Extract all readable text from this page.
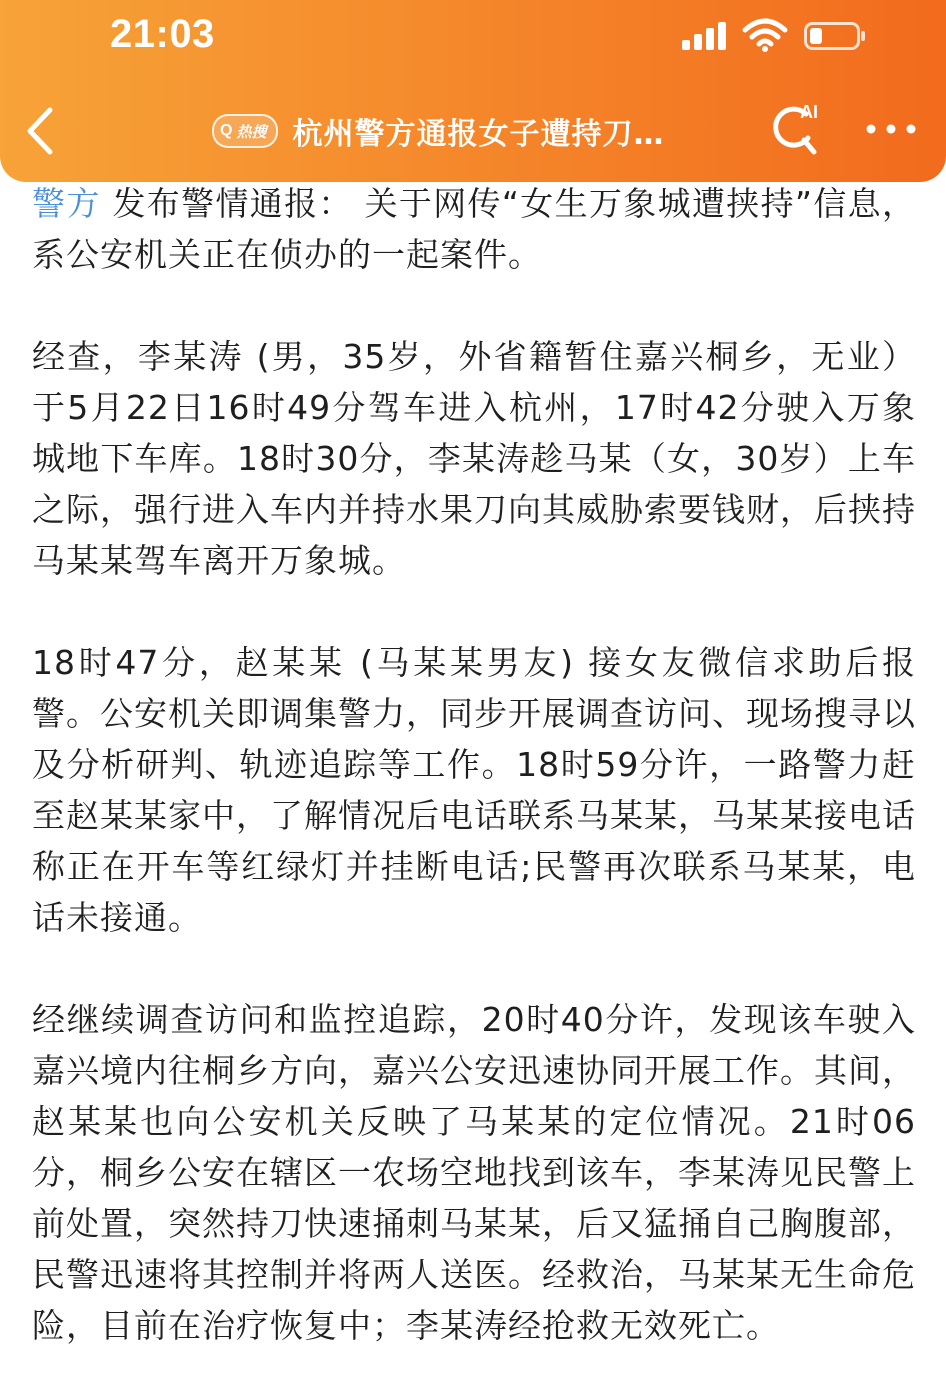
21:03
Q 热搜 杭州警方通报女子遭持刀…
AI

警方 发布警情通报： 关于网传“女生万象城遭挟持”信息，系公安机关正在侦办的一起案件。

经查，李某涛 (男，35岁，外省籍暂住嘉兴桐乡，无业）于5月22日16时49分驾车进入杭州，17时42分驶入万象城地下车库。18时30分，李某涛趁马某（女，30岁）上车之际，强行进入车内并持水果刀向其威胁索要钱财，后挟持马某某驾车离开万象城。

18时47分，赵某某 (马某某男友) 接女友微信求助后报警。公安机关即调集警力，同步开展调查访问、现场搜寻以及分析研判、轨迹追踪等工作。18时59分许，一路警力赶至赵某某家中，了解情况后电话联系马某某，马某某接电话称正在开车等红绿灯并挂断电话;民警再次联系马某某，电话未接通。

经继续调查访问和监控追踪，20时40分许，发现该车驶入嘉兴境内往桐乡方向，嘉兴公安迅速协同开展工作。其间，赵某某也向公安机关反映了马某某的定位情况。21时06分，桐乡公安在辖区一农场空地找到该车，李某涛见民警上前处置，突然持刀快速捅刺马某某，后又猛捅自己胸腹部，民警迅速将其控制并将两人送医。经救治，马某某无生命危险，目前在治疗恢复中；李某涛经抢救无效死亡。
